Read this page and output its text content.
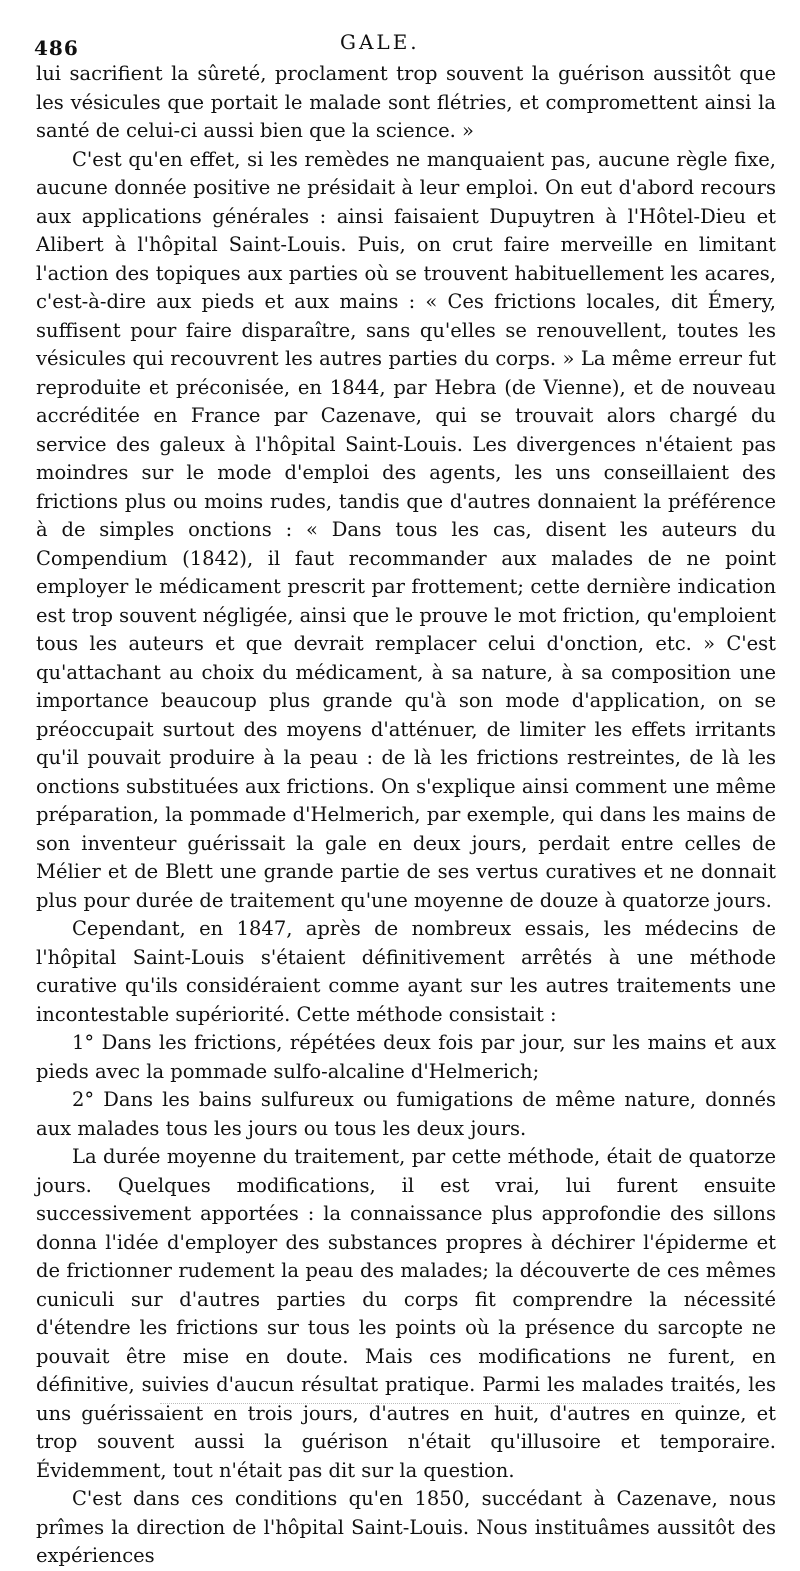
486	GALE.

lui sacrifient la sûreté, proclament trop souvent la guérison aussitôt que les vésicules que portait le malade sont flétries, et compromettent ainsi la santé de celui-ci aussi bien que la science. »

C'est qu'en effet, si les remèdes ne manquaient pas, aucune règle fixe, aucune donnée positive ne présidait à leur emploi. On eut d'abord recours aux applications générales : ainsi faisaient Dupuytren à l'Hôtel-Dieu et Alibert à l'hôpital Saint-Louis. Puis, on crut faire merveille en limitant l'action des topiques aux parties où se trouvent habituellement les acares, c'est-à-dire aux pieds et aux mains : « Ces frictions locales, dit Émery, suffisent pour faire disparaître, sans qu'elles se renouvellent, toutes les vésicules qui recouvrent les autres parties du corps. » La même erreur fut reproduite et préconisée, en 1844, par Hebra (de Vienne), et de nouveau accréditée en France par Cazenave, qui se trouvait alors chargé du service des galeux à l'hôpital Saint-Louis. Les divergences n'étaient pas moindres sur le mode d'emploi des agents, les uns conseillaient des frictions plus ou moins rudes, tandis que d'autres donnaient la préférence à de simples onctions : « Dans tous les cas, disent les auteurs du Compendium (1842), il faut recommander aux malades de ne point employer le médicament prescrit par frottement; cette dernière indication est trop souvent négligée, ainsi que le prouve le mot friction, qu'emploient tous les auteurs et que devrait remplacer celui d'onction, etc. » C'est qu'attachant au choix du médicament, à sa nature, à sa composition une importance beaucoup plus grande qu'à son mode d'application, on se préoccupait surtout des moyens d'atténuer, de limiter les effets irritants qu'il pouvait produire à la peau : de là les frictions restreintes, de là les onctions substituées aux frictions. On s'explique ainsi comment une même préparation, la pommade d'Helmerich, par exemple, qui dans les mains de son inventeur guérissait la gale en deux jours, perdait entre celles de Mélier et de Blett une grande partie de ses vertus curatives et ne donnait plus pour durée de traitement qu'une moyenne de douze à quatorze jours.

Cependant, en 1847, après de nombreux essais, les médecins de l'hôpital Saint-Louis s'étaient définitivement arrêtés à une méthode curative qu'ils considéraient comme ayant sur les autres traitements une incontestable supériorité. Cette méthode consistait :

1° Dans les frictions, répétées deux fois par jour, sur les mains et aux pieds avec la pommade sulfo-alcaline d'Helmerich;

2° Dans les bains sulfureux ou fumigations de même nature, donnés aux malades tous les jours ou tous les deux jours.

La durée moyenne du traitement, par cette méthode, était de quatorze jours. Quelques modifications, il est vrai, lui furent ensuite successivement apportées : la connaissance plus approfondie des sillons donna l'idée d'employer des substances propres à déchirer l'épiderme et de frictionner rudement la peau des malades; la découverte de ces mêmes cuniculi sur d'autres parties du corps fit comprendre la nécessité d'étendre les frictions sur tous les points où la présence du sarcopte ne pouvait être mise en doute. Mais ces modifications ne furent, en définitive, suivies d'aucun résultat pratique. Parmi les malades traités, les uns guérissaient en trois jours, d'autres en huit, d'autres en quinze, et trop souvent aussi la guérison n'était qu'illusoire et temporaire. Évidemment, tout n'était pas dit sur la question.

C'est dans ces conditions qu'en 1850, succédant à Cazenave, nous prîmes la direction de l'hôpital Saint-Louis. Nous instituâmes aussitôt des expériences
